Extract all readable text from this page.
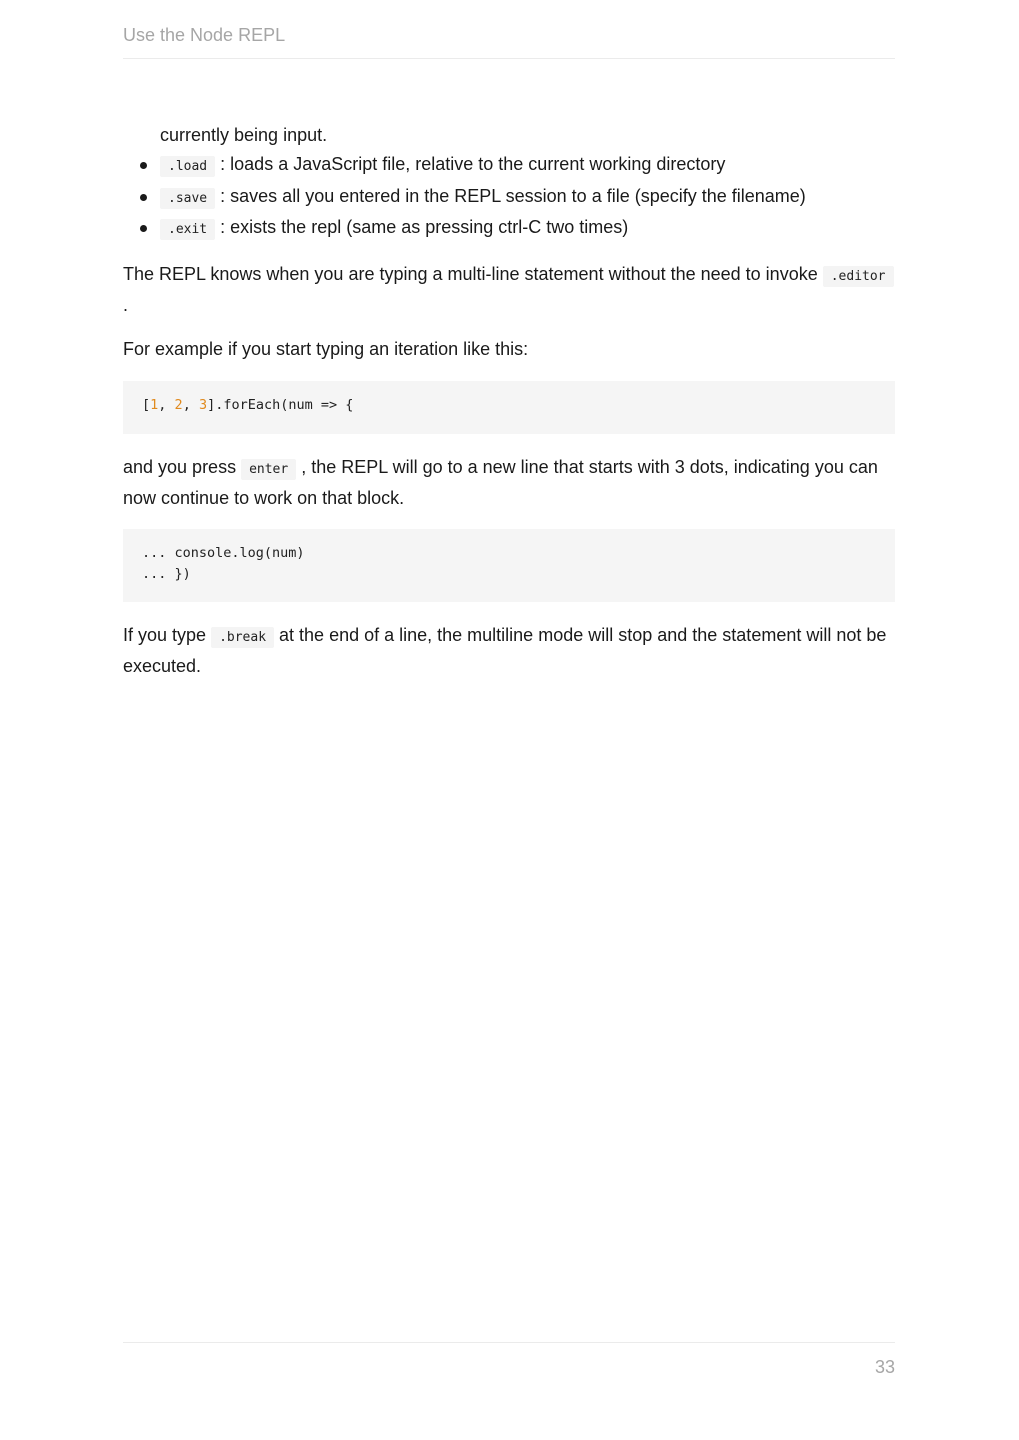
Use the Node REPL

currently being input.

.load : loads a JavaScript file, relative to the current working directory
.save : saves all you entered in the REPL session to a file (specify the filename)
.exit : exists the repl (same as pressing ctrl-C two times)

The REPL knows when you are typing a multi-line statement without the need to invoke .editor .

For example if you start typing an iteration like this:

[1, 2, 3].forEach(num => {

and you press enter , the REPL will go to a new line that starts with 3 dots, indicating you can now continue to work on that block.

... console.log(num)
... })

If you type .break at the end of a line, the multiline mode will stop and the statement will not be executed.

33
